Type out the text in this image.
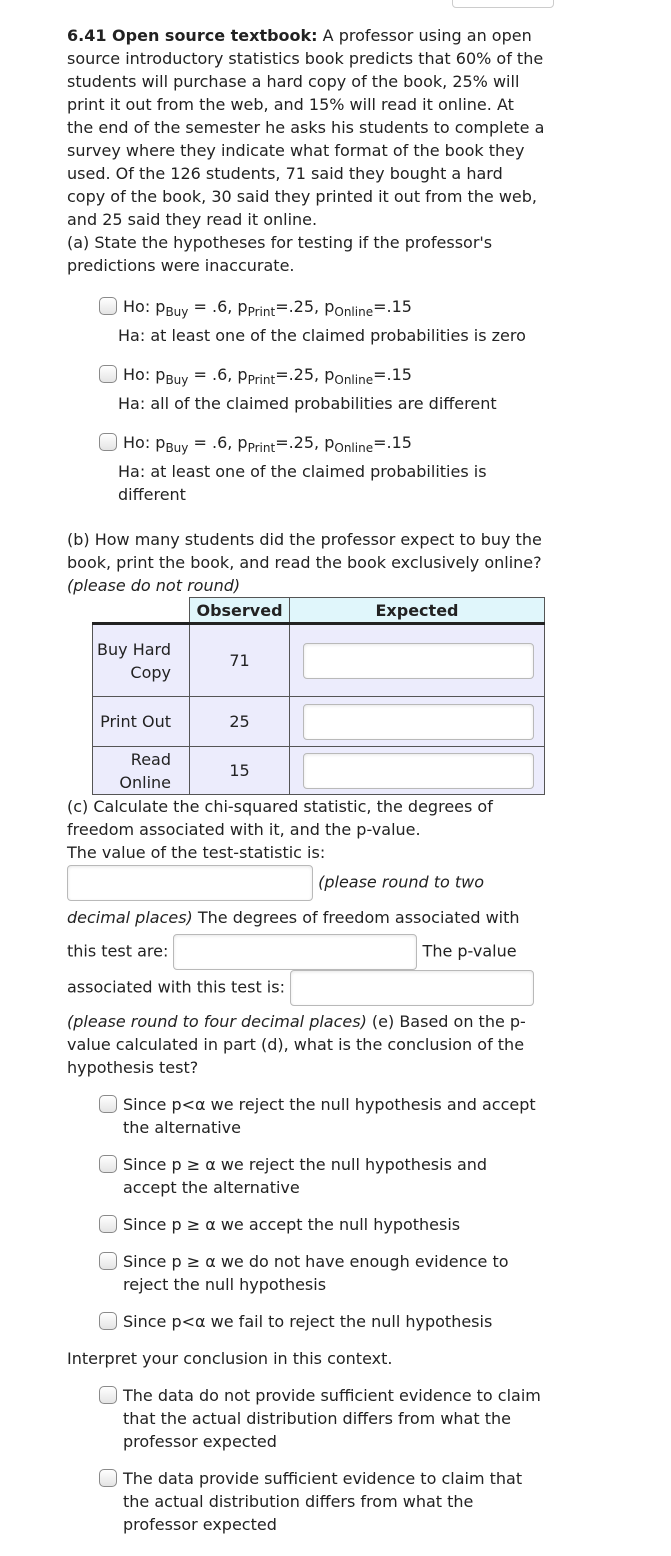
6.41 Open source textbook: A professor using an open source introductory statistics book predicts that 60% of the students will purchase a hard copy of the book, 25% will print it out from the web, and 15% will read it online. At the end of the semester he asks his students to complete a survey where they indicate what format of the book they used. Of the 126 students, 71 said they bought a hard copy of the book, 30 said they printed it out from the web, and 25 said they read it online.
(a) State the hypotheses for testing if the professor's predictions were inaccurate.
Ho: $p_{Buy} = .6$, $p_{Print}=.25$, $p_{Online}=.15$
Ha: at least one of the claimed probabilities is zero
Ho: $p_{Buy} = .6$, $p_{Print}=.25$, $p_{Online}=.15$
Ha: all of the claimed probabilities are different
Ho: $p_{Buy} = .6$, $p_{Print}=.25$, $p_{Online}=.15$
Ha: at least one of the claimed probabilities is different
(b) How many students did the professor expect to buy the book, print the book, and read the book exclusively online? (please do not round)
	Observed	Expected
Buy Hard Copy	71	

Print Out	25	

Read Online	15	
(c) Calculate the chi-squared statistic, the degrees of freedom associated with it, and the p-value.
The value of the test-statistic is:
(please round to two decimal places) The degrees of freedom associated with this test are:	The p-value associated with this test is:
(please round to four decimal places) (e) Based on the p-value calculated in part (d), what is the conclusion of the hypothesis test?
Since p<α we reject the null hypothesis and accept the alternative
Since p ≥ α we reject the null hypothesis and accept the alternative
Since p ≥ α we accept the null hypothesis
Since p ≥ α we do not have enough evidence to reject the null hypothesis
Since p<α we fail to reject the null hypothesis
Interpret your conclusion in this context.
The data do not provide sufficient evidence to claim that the actual distribution differs from what the professor expected
The data provide sufficient evidence to claim that the actual distribution differs from what the professor expected
